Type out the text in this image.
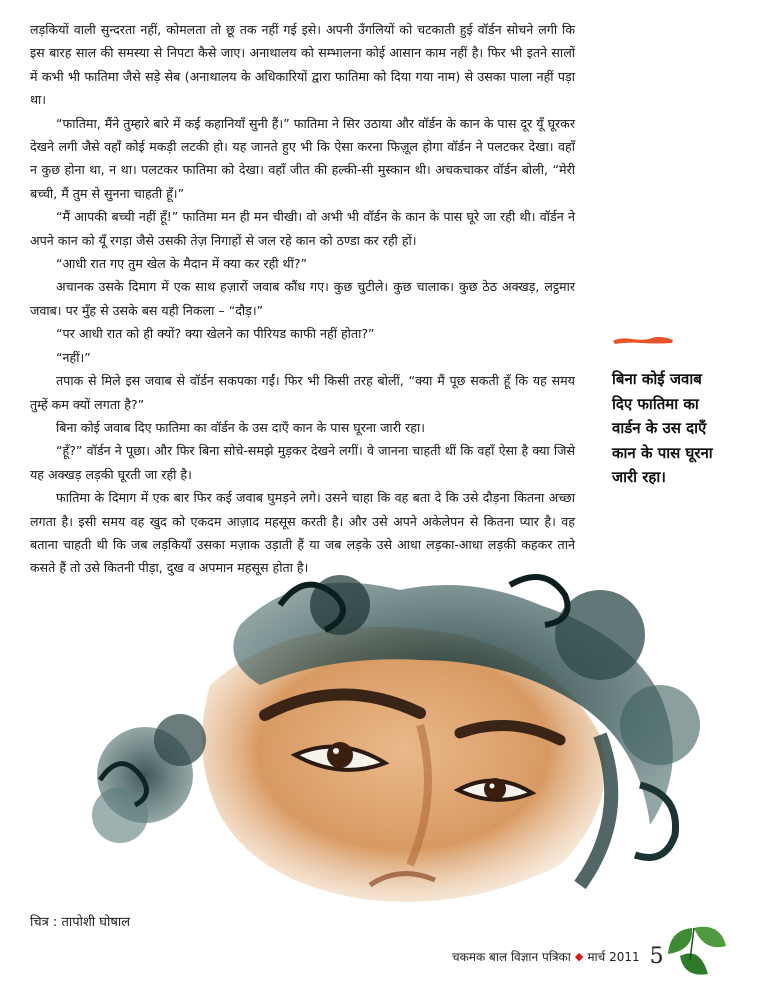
लड़कियों वाली सुन्दरता नहीं, कोमलता तो छू तक नहीं गई इसे। अपनी उँगलियों को चटकाती हुई वॉर्डन सोचने लगी कि इस बारह साल की समस्या से निपटा कैसे जाए। अनाथालय को सम्भालना कोई आसान काम नहीं है। फिर भी इतने सालों में कभी भी फातिमा जैसे सड़े सेब (अनाथालय के अधिकारियों द्वारा फातिमा को दिया गया नाम) से उसका पाला नहीं पड़ा था।

“फातिमा, मैंने तुम्हारे बारे में कई कहानियाँ सुनी हैं।” फातिमा ने सिर उठाया और वॉर्डन के कान के पास दूर यूँ घूरकर देखने लगी जैसे वहाँ कोई मकड़ी लटकी हो। यह जानते हुए भी कि ऐसा करना फिज़ूल होगा वॉर्डन ने पलटकर देखा। वहाँ न कुछ होना था, न था। पलटकर फातिमा को देखा। वहाँ जीत की हल्की-सी मुस्कान थी। अचकचाकर वॉर्डन बोली, “मेरी बच्ची, मैं तुम से सुनना चाहती हूँ।”

“मैं आपकी बच्ची नहीं हूँ!” फातिमा मन ही मन चीखी। वो अभी भी वॉर्डन के कान के पास घूरे जा रही थी। वॉर्डन ने अपने कान को यूँ रगड़ा जैसे उसकी तेज़ निगाहों से जल रहे कान को ठण्डा कर रही हों।

“आधी रात गए तुम खेल के मैदान में क्या कर रही थीं?”

अचानक उसके दिमाग में एक साथ हज़ारों जवाब कौंध गए। कुछ चुटीले। कुछ चालाक। कुछ ठेठ अक्खड़, लट्ठमार जवाब। पर मुँह से उसके बस यही निकला – “दौड़।”

“पर आधी रात को ही क्यों? क्या खेलने का पीरियड काफी नहीं होता?”

“नहीं।”

तपाक से मिले इस जवाब से वॉर्डन सकपका गईं। फिर भी किसी तरह बोलीं, “क्या मैं पूछ सकती हूँ कि यह समय तुम्हें कम क्यों लगता है?”

बिना कोई जवाब दिए फातिमा का वॉर्डन के उस दाएँ कान के पास घूरना जारी रहा।

“हूँ?” वॉर्डन ने पूछा। और फिर बिना सोचे-समझे मुड़कर देखने लगीं। वे जानना चाहती थीं कि वहाँ ऐसा है क्या जिसे यह अक्खड़ लड़की घूरती जा रही है।

फातिमा के दिमाग में एक बार फिर कई जवाब घुमड़ने लगे। उसने चाहा कि वह बता दे कि उसे दौड़ना कितना अच्छा लगता है। इसी समय वह खुद को एकदम आज़ाद महसूस करती है। और उसे अपने अकेलेपन से कितना प्यार है। वह बताना चाहती थी कि जब लड़कियाँ उसका मज़ाक उड़ाती हैं या जब लड़के उसे आधा लड़का-आधा लड़की कहकर ताने कसते हैं तो उसे कितनी पीड़ा, दुख व अपमान महसूस होता है।

बिना कोई जवाब दिए फातिमा का वार्डन के उस दाएँ कान के पास घूरना जारी रहा।
चित्र : तापोशी घोषाल
चकमक बाल विज्ञान पत्रिका ◆ मार्च 2011 5
